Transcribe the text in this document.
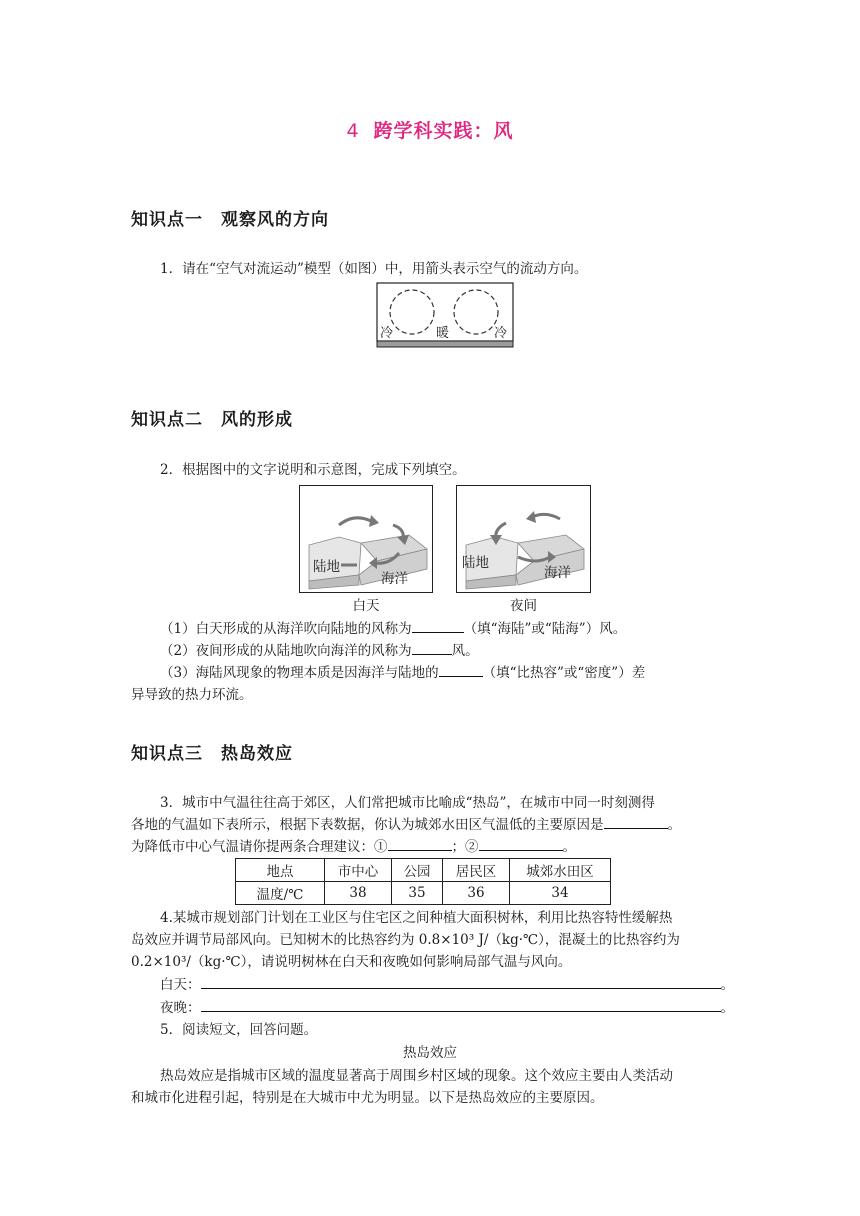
4 跨学科实践：风
知识点一　观察风的方向
1．请在“空气对流运动”模型（如图）中，用箭头表示空气的流动方向。
冷	暖	冷
知识点二　风的形成
2．根据图中的文字说明和示意图，完成下列填空。
陆地
海洋
白天
陆地
海洋
夜间
（1）白天形成的从海洋吹向陆地的风称为	（填“海陆”或“陆海”）风。
（2）夜间形成的从陆地吹向海洋的风称为	风。
（3）海陆风现象的物理本质是因海洋与陆地的	（填“比热容”或“密度”）差
异导致的热力环流。
知识点三　热岛效应
3．城市中气温往往高于郊区，人们常把城市比喻成“热岛”，在城市中同一时刻测得
各地的气温如下表所示，根据下表数据，你认为城郊水田区气温低的主要原因是	。
为降低市中心气温请你提两条合理建议：①	；②	。
地点	市中心	公园	居民区	城郊水田区
温度/℃	38	35	36	34
4.某城市规划部门计划在工业区与住宅区之间种植大面积树林，利用比热容特性缓解热
岛效应并调节局部风向。已知树木的比热容约为 0.8×10³ J/（kg·℃），混凝土的比热容约为
0.2×10³/（kg·℃），请说明树林在白天和夜晚如何影响局部气温与风向。
白天：	。
夜晚：	。
5．阅读短文，回答问题。
热岛效应
热岛效应是指城市区域的温度显著高于周围乡村区域的现象。这个效应主要由人类活动
和城市化进程引起，特别是在大城市中尤为明显。以下是热岛效应的主要原因。
